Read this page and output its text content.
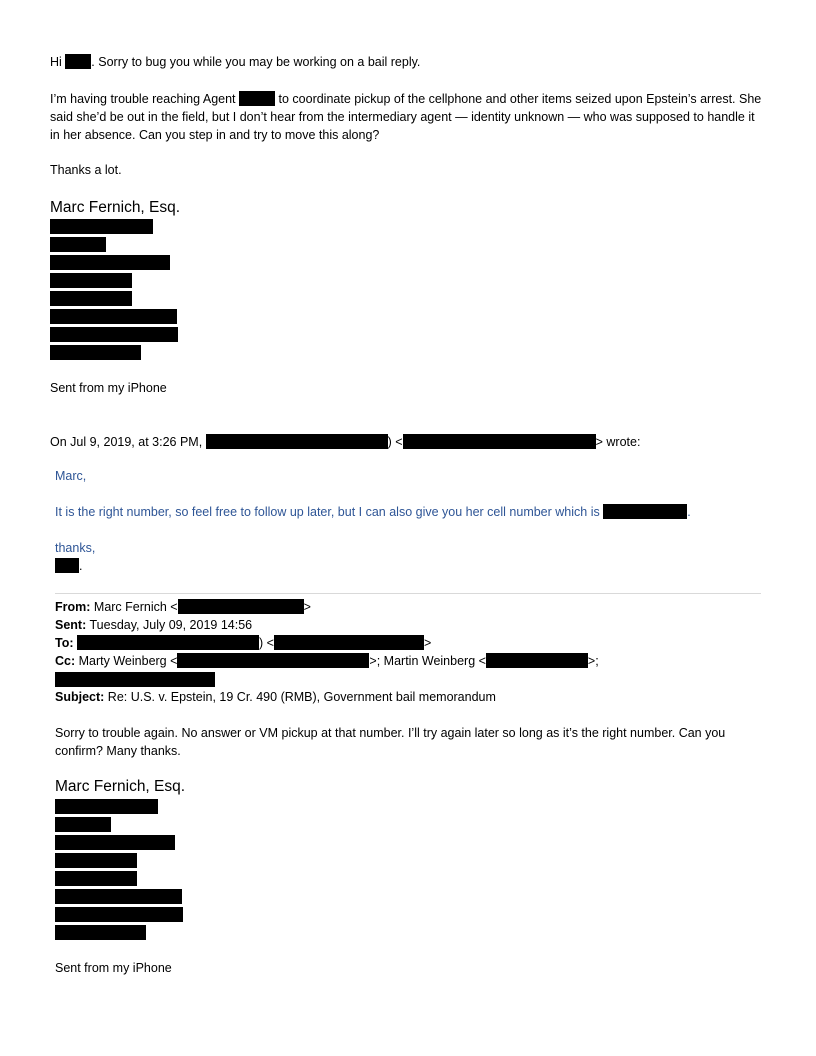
Hi . Sorry to bug you while you may be working on a bail reply.
I’m having trouble reaching Agent	to coordinate pickup of the cellphone and other items seized upon Epstein’s arrest. She said she’d be out in the field, but I don’t hear from the intermediary agent — identity unknown — who was supposed to handle it in her absence. Can you step in and try to move this along?
Thanks a lot.
Marc Fernich, Esq.
Sent from my iPhone
On Jul 9, 2019, at 3:26 PM,	) <	> wrote:
Marc,
It is the right number, so feel free to follow up later, but I can also give you her cell number which is	.
thanks,
.
From: Marc Fernich <	>
Sent: Tuesday, July 09, 2019 14:56
To:	) <	>
Cc: Marty Weinberg <	>; Martin Weinberg <	>;
Subject: Re: U.S. v. Epstein, 19 Cr. 490 (RMB), Government bail memorandum
Sorry to trouble again. No answer or VM pickup at that number. I’ll try again later so long as it’s the right number. Can you confirm? Many thanks.
Marc Fernich, Esq.
Sent from my iPhone
